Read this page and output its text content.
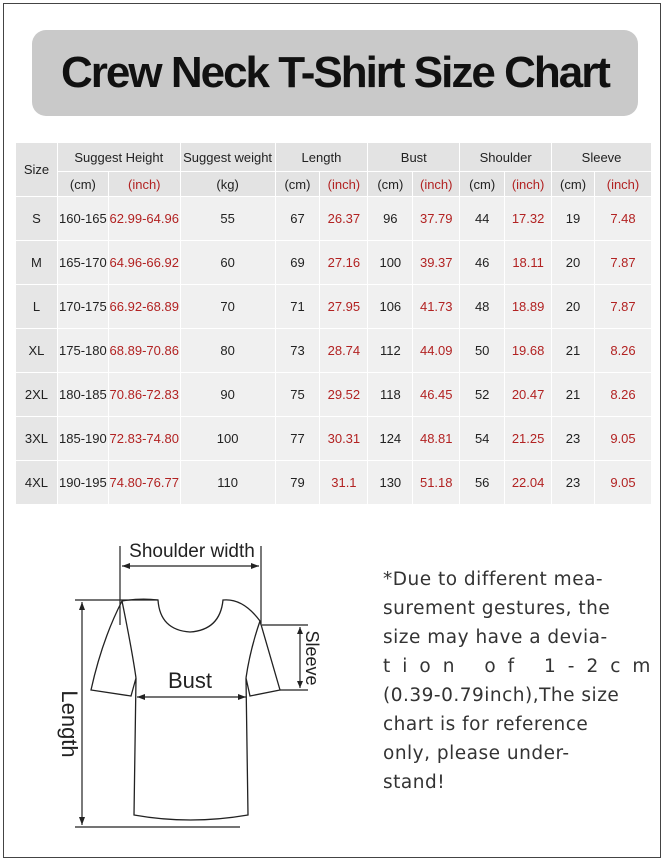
Crew Neck T-Shirt Size Chart
Size	Suggest Height		Suggest weight	Length		Bust		Shoulder		Sleeve	
	(cm)	(inch)	(kg)	(cm)	(inch)	(cm)	(inch)	(cm)	(inch)	(cm)	(inch)
S	160-165	62.99-64.96	55	67	26.37	96	37.79	44	17.32	19	7.48
M	165-170	64.96-66.92	60	69	27.16	100	39.37	46	18.11	20	7.87
L	170-175	66.92-68.89	70	71	27.95	106	41.73	48	18.89	20	7.87
XL	175-180	68.89-70.86	80	73	28.74	112	44.09	50	19.68	21	8.26
2XL	180-185	70.86-72.83	90	75	29.52	118	46.45	52	20.47	21	8.26
3XL	185-190	72.83-74.80	100	77	30.31	124	48.81	54	21.25	23	9.05
4XL	190-195	74.80-76.77	110	79	31.1	130	51.18	56	22.04	23	9.05
Shoulder width
Bust
Length
Sleeve

*Due to different mea-

surement gestures, the

size may have a devia-

tion of 1-2cm

(0.39-0.79inch),The size

chart is for reference

only, please under-

stand!
